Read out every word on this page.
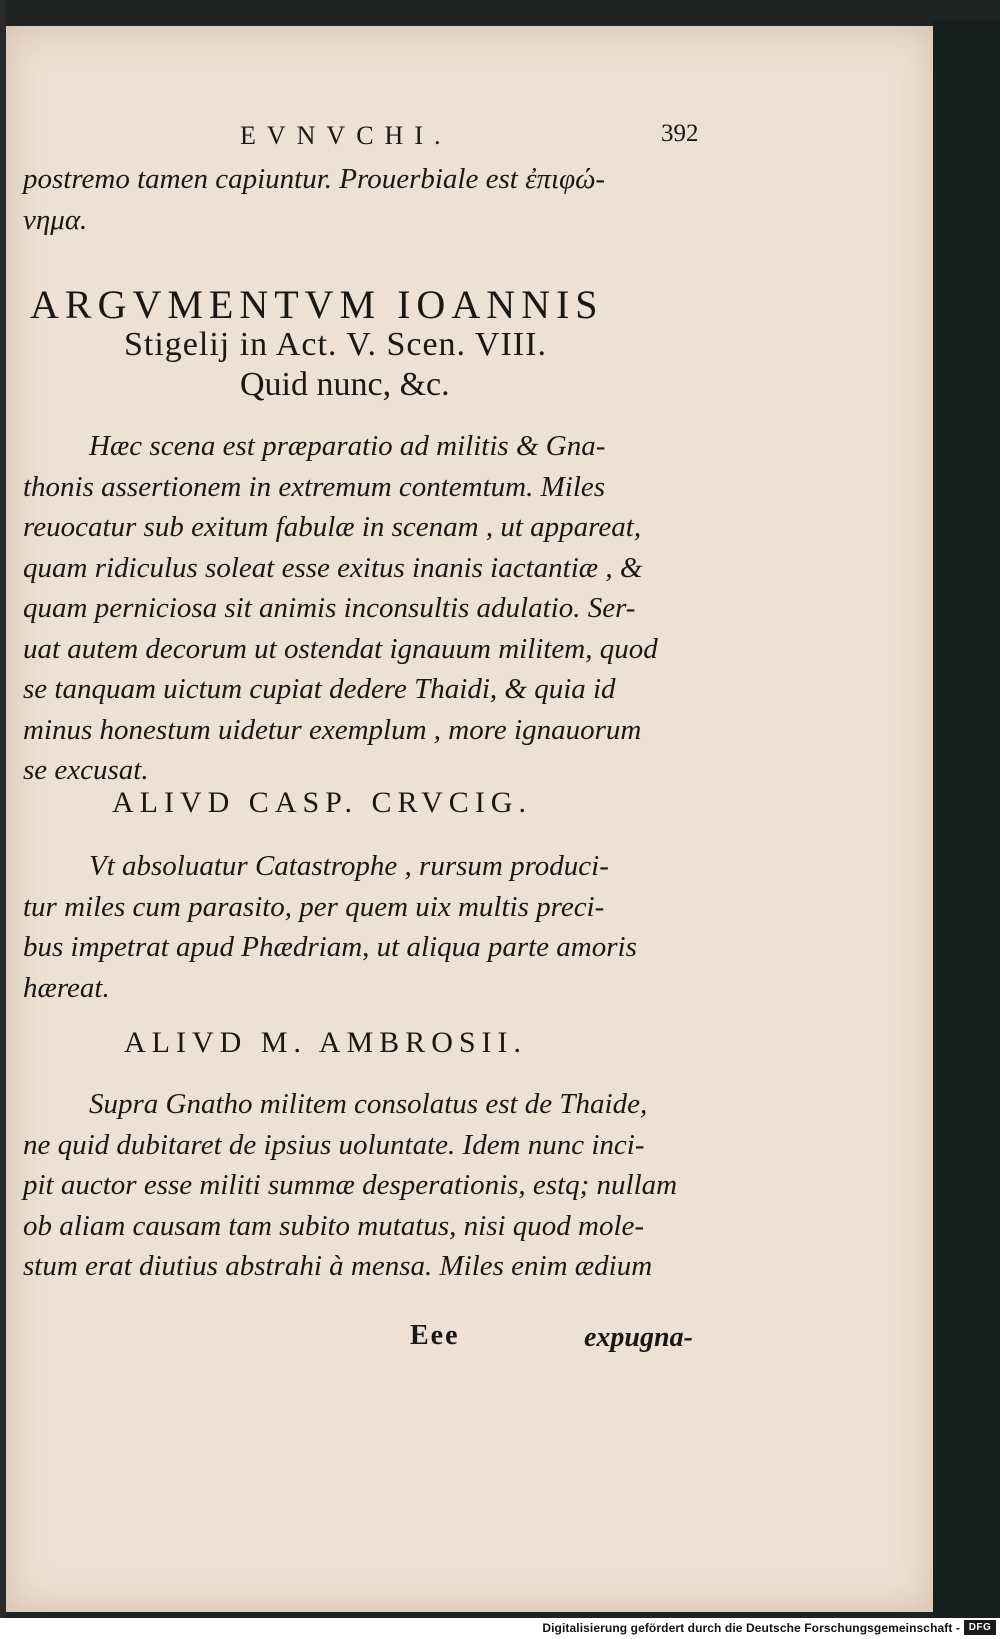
EVNVCHI.	392
postremo tamen capiuntur. Prouerbiale est ἐπιφώ-
νημα.
ARGVMENTVM IOANNIS
Stigelij in Act. V. Scen. VIII.
Quid nunc, &c.
Hæc scena est præparatio ad militis & Gna-
thonis assertionem in extremum contemtum. Miles
reuocatur sub exitum fabulæ in scenam , ut appareat,
quam ridiculus soleat esse exitus inanis iactantiæ , &
quam perniciosa sit animis inconsultis adulatio. Ser-
uat autem decorum ut ostendat ignauum militem, quod
se tanquam uictum cupiat dedere Thaidi, & quia id
minus honestum uidetur exemplum , more ignauorum
se excusat.
ALIVD CASP. CRVCIG.
Vt absoluatur Catastrophe , rursum produci-
tur miles cum parasito, per quem uix multis preci-
bus impetrat apud Phædriam, ut aliqua parte amoris
hæreat.
ALIVD M. AMBROSII.
Supra Gnatho militem consolatus est de Thaide,
ne quid dubitaret de ipsius uoluntate. Idem nunc inci-
pit auctor esse militi summæ desperationis, estq; nullam
ob aliam causam tam subito mutatus, nisi quod mole-
stum erat diutius abstrahi à mensa. Miles enim ædium
Eee	expugna-
Digitalisierung gefördert durch die Deutsche Forschungsgemeinschaft - DFG
